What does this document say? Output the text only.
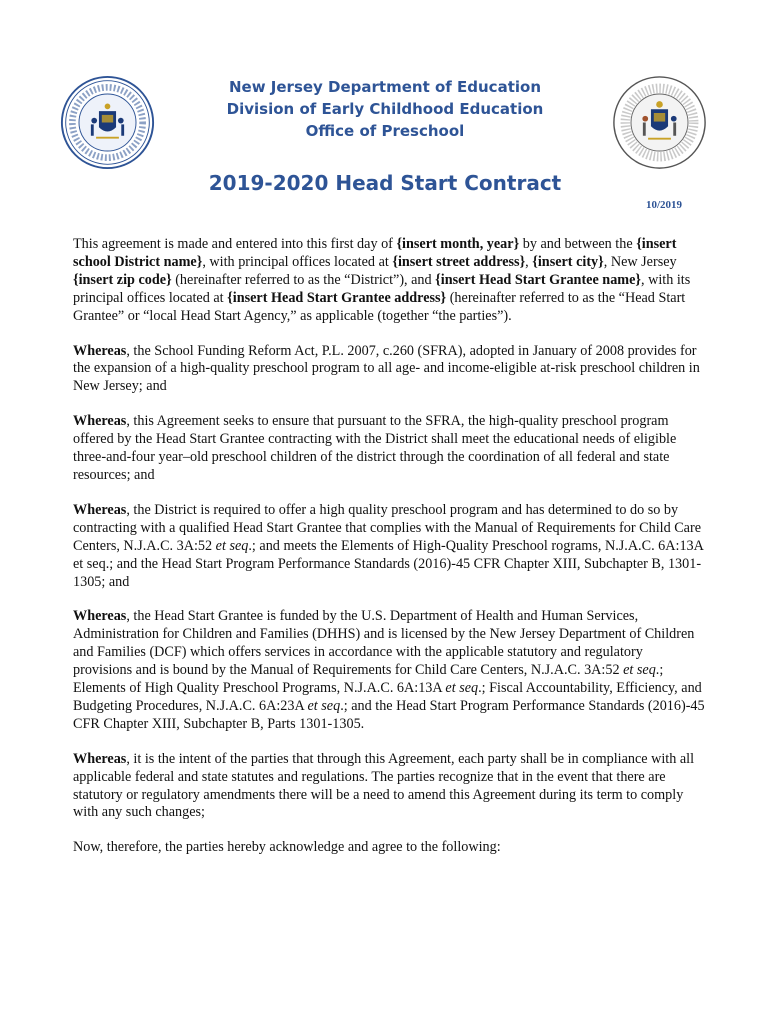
New Jersey Department of Education
Division of Early Childhood Education
Office of Preschool
2019-2020 Head Start Contract
10/2019

This agreement is made and entered into this first day of {insert month, year} by and between the {insert school District name}, with principal offices located at {insert street address}, {insert city}, New Jersey {insert zip code} (hereinafter referred to as the “District”), and {insert Head Start Grantee name}, with its principal offices located at {insert Head Start Grantee address} (hereinafter referred to as the “Head Start Grantee” or “local Head Start Agency,” as applicable (together “the parties”).

Whereas, the School Funding Reform Act, P.L. 2007, c.260 (SFRA), adopted in January of 2008 provides for the expansion of a high-quality preschool program to all age- and income-eligible at-risk preschool children in New Jersey; and

Whereas, this Agreement seeks to ensure that pursuant to the SFRA, the high-quality preschool program offered by the Head Start Grantee contracting with the District shall meet the educational needs of eligible three-and-four year–old preschool children of the district through the coordination of all federal and state resources; and

Whereas, the District is required to offer a high quality preschool program and has determined to do so by contracting with a qualified Head Start Grantee that complies with the Manual of Requirements for Child Care Centers, N.J.A.C. 3A:52 et seq.; and meets the Elements of High-Quality Preschool rograms, N.J.A.C. 6A:13A et seq.; and the Head Start Program Performance Standards (2016)-45 CFR Chapter XIII, Subchapter B, 1301-1305; and

Whereas, the Head Start Grantee is funded by the U.S. Department of Health and Human Services, Administration for Children and Families (DHHS) and is licensed by the New Jersey Department of Children and Families (DCF) which offers services in accordance with the applicable statutory and regulatory provisions and is bound by the Manual of Requirements for Child Care Centers, N.J.A.C. 3A:52 et seq.; Elements of High Quality Preschool Programs, N.J.A.C. 6A:13A et seq.; Fiscal Accountability, Efficiency, and Budgeting Procedures, N.J.A.C. 6A:23A et seq.; and the Head Start Program Performance Standards (2016)-45 CFR Chapter XIII, Subchapter B, Parts 1301-1305.

Whereas, it is the intent of the parties that through this Agreement, each party shall be in compliance with all applicable federal and state statutes and regulations. The parties recognize that in the event that there are statutory or regulatory amendments there will be a need to amend this Agreement during its term to comply with any such changes;

Now, therefore, the parties hereby acknowledge and agree to the following:
